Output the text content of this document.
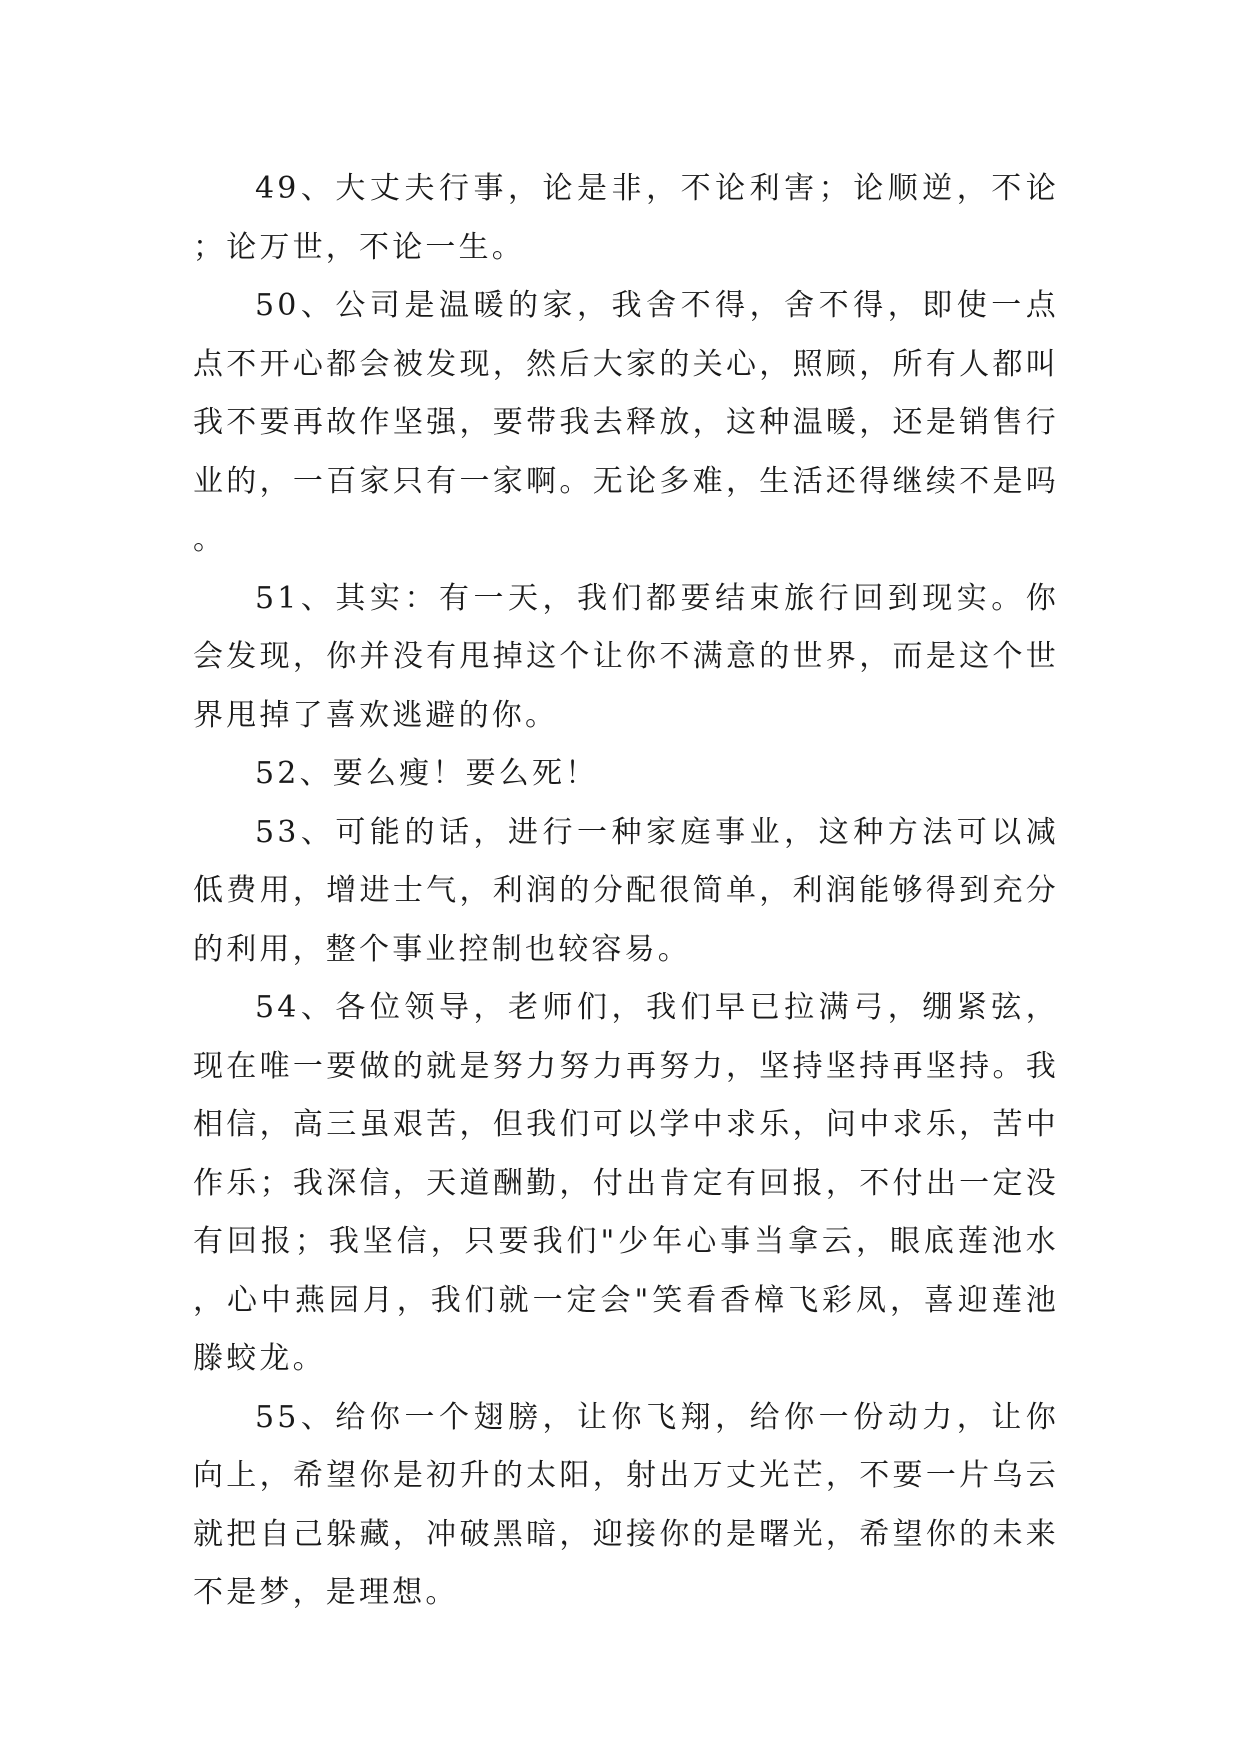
49、大丈夫行事，论是非，不论利害；论顺逆，不论；论万世，不论一生。

50、公司是温暖的家，我舍不得，舍不得，即使一点点不开心都会被发现，然后大家的关心，照顾，所有人都叫我不要再故作坚强，要带我去释放，这种温暖，还是销售行业的，一百家只有一家啊。无论多难，生活还得继续不是吗。

51、其实：有一天，我们都要结束旅行回到现实。你会发现，你并没有甩掉这个让你不满意的世界，而是这个世界甩掉了喜欢逃避的你。

52、要么瘦！要么死！

53、可能的话，进行一种家庭事业，这种方法可以减低费用，增进士气，利润的分配很简单，利润能够得到充分的利用，整个事业控制也较容易。

54、各位领导，老师们，我们早已拉满弓，绷紧弦，现在唯一要做的就是努力努力再努力，坚持坚持再坚持。我相信，高三虽艰苦，但我们可以学中求乐，问中求乐，苦中作乐；我深信，天道酬勤，付出肯定有回报，不付出一定没有回报；我坚信，只要我们"少年心事当拿云，眼底莲池水，心中燕园月，我们就一定会"笑看香樟飞彩凤，喜迎莲池滕蛟龙。

55、给你一个翅膀，让你飞翔，给你一份动力，让你向上，希望你是初升的太阳，射出万丈光芒，不要一片乌云就把自己躲藏，冲破黑暗，迎接你的是曙光，希望你的未来不是梦，是理想。
